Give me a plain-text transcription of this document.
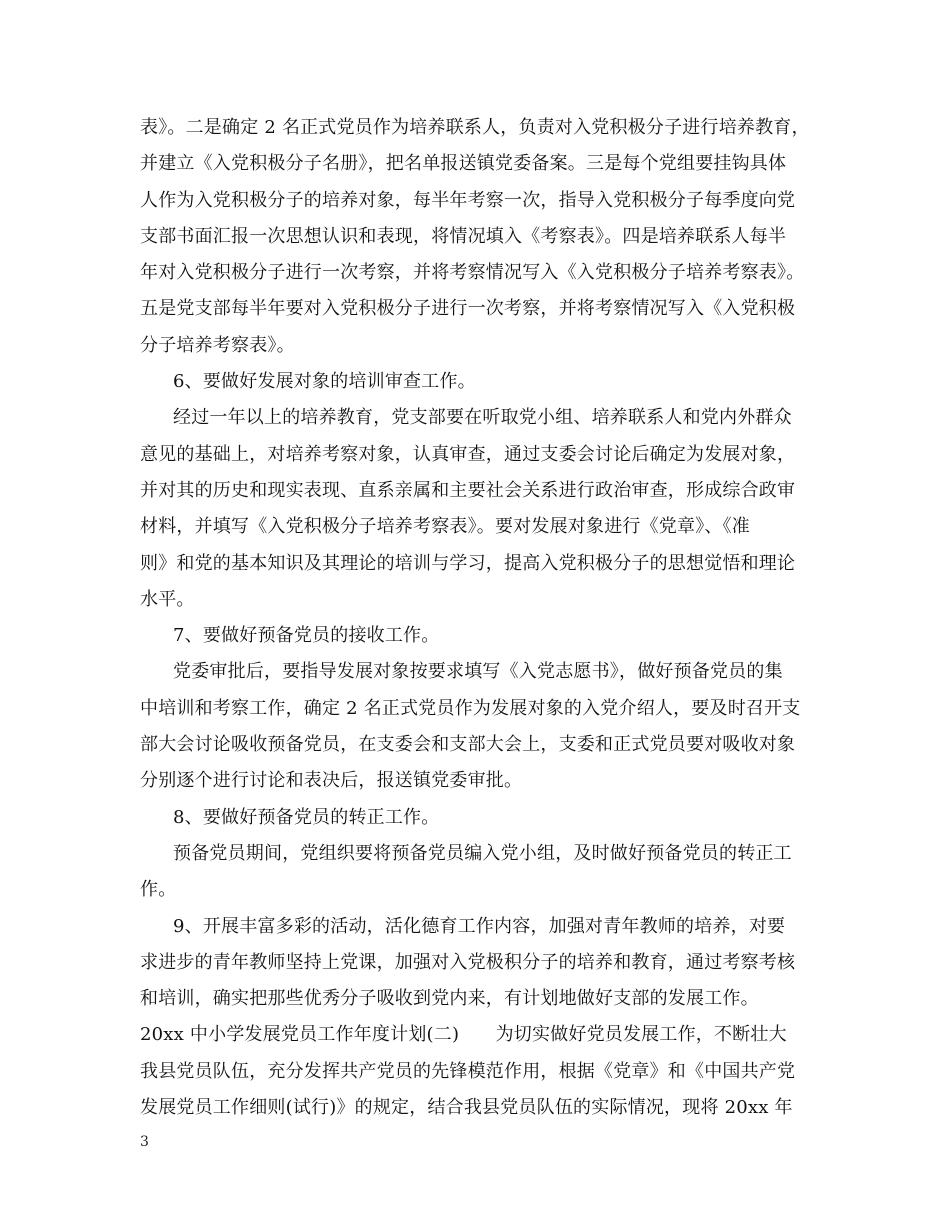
表》。二是确定 2 名正式党员作为培养联系人，负责对入党积极分子进行培养教育，
并建立《入党积极分子名册》，把名单报送镇党委备案。三是每个党组要挂钩具体
人作为入党积极分子的培养对象，每半年考察一次，指导入党积极分子每季度向党
支部书面汇报一次思想认识和表现，将情况填入《考察表》。四是培养联系人每半
年对入党积极分子进行一次考察，并将考察情况写入《入党积极分子培养考察表》。
五是党支部每半年要对入党积极分子进行一次考察，并将考察情况写入《入党积极
分子培养考察表》。
6、要做好发展对象的培训审查工作。
经过一年以上的培养教育，党支部要在听取党小组、培养联系人和党内外群众
意见的基础上，对培养考察对象，认真审查，通过支委会讨论后确定为发展对象，
并对其的历史和现实表现、直系亲属和主要社会关系进行政治审查，形成综合政审
材料，并填写《入党积极分子培养考察表》。要对发展对象进行《党章》、《准
则》和党的基本知识及其理论的培训与学习，提高入党积极分子的思想觉悟和理论
水平。
7、要做好预备党员的接收工作。
党委审批后，要指导发展对象按要求填写《入党志愿书》，做好预备党员的集
中培训和考察工作，确定 2 名正式党员作为发展对象的入党介绍人，要及时召开支
部大会讨论吸收预备党员，在支委会和支部大会上，支委和正式党员要对吸收对象
分别逐个进行讨论和表决后，报送镇党委审批。
8、要做好预备党员的转正工作。
预备党员期间，党组织要将预备党员编入党小组，及时做好预备党员的转正工
作。
9、开展丰富多彩的活动，活化德育工作内容，加强对青年教师的培养，对要
求进步的青年教师坚持上党课，加强对入党极积分子的培养和教育，通过考察考核
和培训，确实把那些优秀分子吸收到党内来，有计划地做好支部的发展工作。
20xx 中小学发展党员工作年度计划(二)　　为切实做好党员发展工作，不断壮大
我县党员队伍，充分发挥共产党员的先锋模范作用，根据《党章》和《中国共产党
发展党员工作细则(试行)》的规定，结合我县党员队伍的实际情况，现将 20xx 年
3
